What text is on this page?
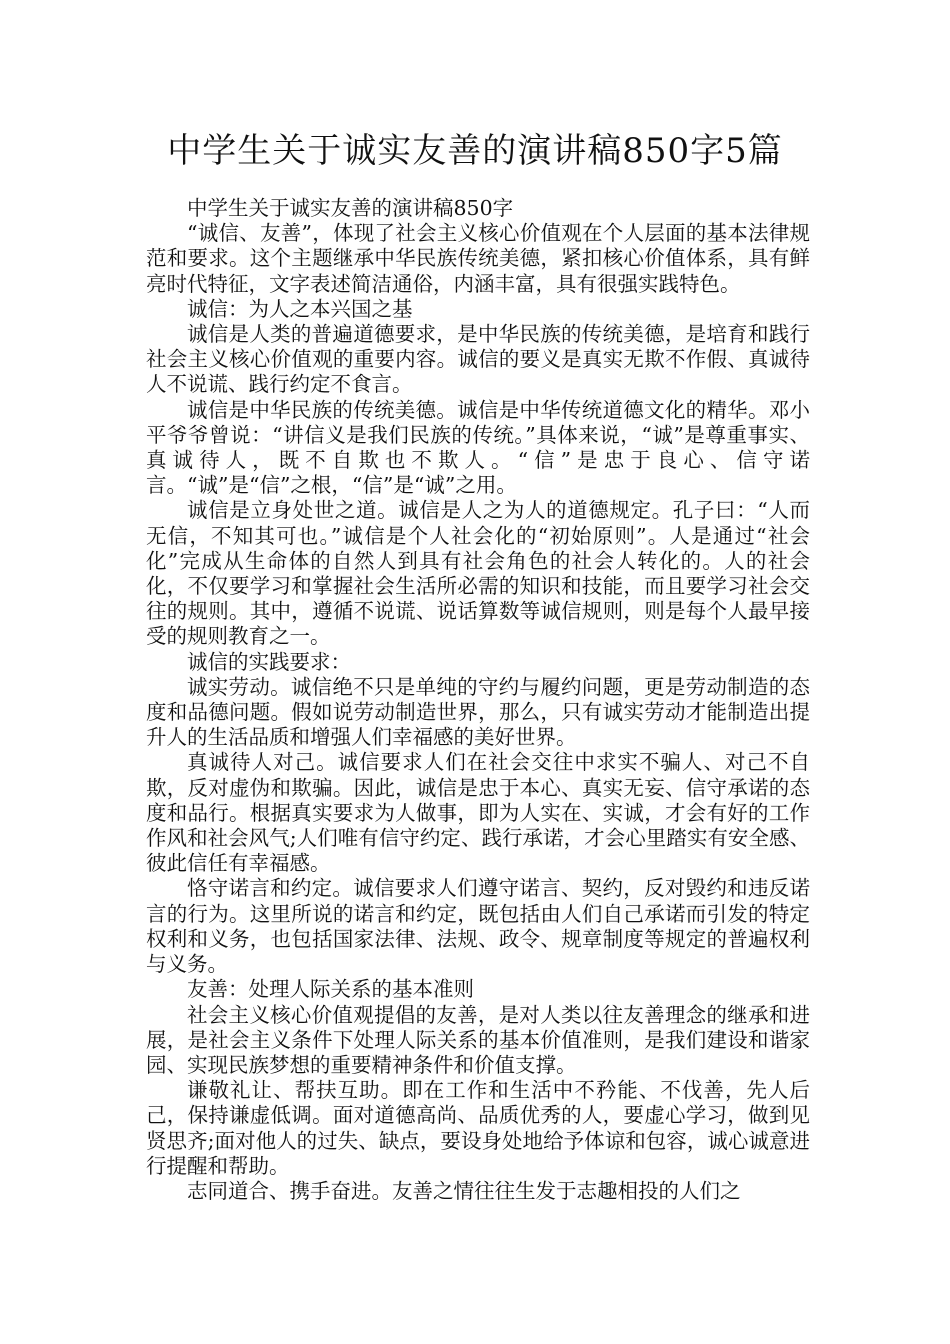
中学生关于诚实友善的演讲稿850字5篇

中学生关于诚实友善的演讲稿850字

“诚信、友善”，体现了社会主义核心价值观在个人层面的基本法律规范和要求。这个主题继承中华民族传统美德，紧扣核心价值体系，具有鲜亮时代特征，文字表述简洁通俗，内涵丰富，具有很强实践特色。

诚信：为人之本兴国之基

诚信是人类的普遍道德要求，是中华民族的传统美德，是培育和践行社会主义核心价值观的重要内容。诚信的要义是真实无欺不作假、真诚待人不说谎、践行约定不食言。

诚信是中华民族的传统美德。诚信是中华传统道德文化的精华。邓小平爷爷曾说：“讲信义是我们民族的传统。”具体来说，“诚”是尊重事实、真诚待人，既不自欺也不欺人。“信”是忠于良心、信守诺言。“诚”是“信”之根，“信”是“诚”之用。

诚信是立身处世之道。诚信是人之为人的道德规定。孔子曰：“人而无信，不知其可也。”诚信是个人社会化的“初始原则”。人是通过“社会化”完成从生命体的自然人到具有社会角色的社会人转化的。人的社会化，不仅要学习和掌握社会生活所必需的知识和技能，而且要学习社会交往的规则。其中，遵循不说谎、说话算数等诚信规则，则是每个人最早接受的规则教育之一。

诚信的实践要求：

诚实劳动。诚信绝不只是单纯的守约与履约问题，更是劳动制造的态度和品德问题。假如说劳动制造世界，那么，只有诚实劳动才能制造出提升人的生活品质和增强人们幸福感的美好世界。

真诚待人对己。诚信要求人们在社会交往中求实不骗人、对己不自欺，反对虚伪和欺骗。因此，诚信是忠于本心、真实无妄、信守承诺的态度和品行。根据真实要求为人做事，即为人实在、实诚，才会有好的工作作风和社会风气;人们唯有信守约定、践行承诺，才会心里踏实有安全感、彼此信任有幸福感。

恪守诺言和约定。诚信要求人们遵守诺言、契约，反对毁约和违反诺言的行为。这里所说的诺言和约定，既包括由人们自己承诺而引发的特定权利和义务，也包括国家法律、法规、政令、规章制度等规定的普遍权利与义务。

友善：处理人际关系的基本准则

社会主义核心价值观提倡的友善，是对人类以往友善理念的继承和进展，是社会主义条件下处理人际关系的基本价值准则，是我们建设和谐家园、实现民族梦想的重要精神条件和价值支撑。

谦敬礼让、帮扶互助。即在工作和生活中不矜能、不伐善，先人后己，保持谦虚低调。面对道德高尚、品质优秀的人，要虚心学习，做到见贤思齐;面对他人的过失、缺点，要设身处地给予体谅和包容，诚心诚意进行提醒和帮助。

志同道合、携手奋进。友善之情往往生发于志趣相投的人们之
